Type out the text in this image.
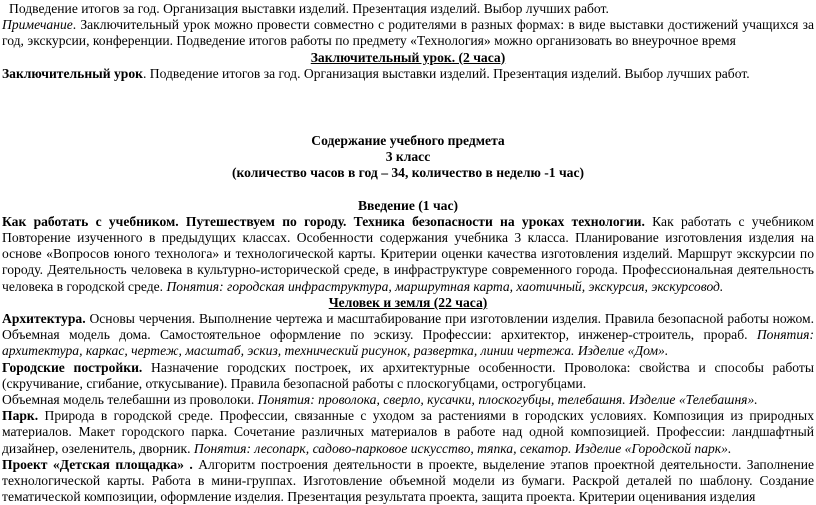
Подведение итогов за год. Организация выставки изделий. Презентация изделий. Выбор лучших работ.

Примечание. Заключительный урок можно провести совместно с родителями в разных формах: в виде выставки достижений учащихся за год, экскурсии, конференции. Подведение итогов работы по предмету «Технология» можно организовать во внеурочное время

Заключительный урок. (2 часа)

Заключительный урок. Подведение итогов за год. Организация выставки изделий. Презентация изделий. Выбор лучших работ.

Содержание учебного предмета

3 класс

(количество часов в год – 34, количество в неделю -1 час)

Введение (1 час)

Как работать с учебником. Путешествуем по городу. Техника безопасности на уроках технологии. Как работать с учебником Повторение изученного в предыдущих классах. Особенности содержания учебника 3 класса. Планирование изготовления изделия на основе «Вопросов юного технолога» и технологической карты. Критерии оценки качества изготовления изделий. Маршрут экскурсии по городу. Деятельность человека в культурно-исторической среде, в инфраструктуре современного города. Профессиональная деятельность человека в городской среде. Понятия: городская инфраструктура, маршрутная карта, хаотичный, экскурсия, экскурсовод.

Человек и земля (22 часа)

Архитектура. Основы черчения. Выполнение чертежа и масштабирование при изготовлении изделия. Правила безопасной работы ножом. Объемная модель дома. Самостоятельное оформление по эскизу. Профессии: архитектор, инженер-строитель, прораб. Понятия: архитектура, каркас, чертеж, масштаб, эскиз, технический рисунок, развертка, линии чертежа. Изделие «Дом».

Городские постройки. Назначение городских построек, их архитектурные особенности. Проволока: свойства и способы работы (скручивание, сгибание, откусывание). Правила безопасной работы с плоскогубцами, острогубцами.

Объемная модель телебашни из проволоки. Понятия: проволока, сверло, кусачки, плоскогубцы, телебашня. Изделие «Телебашня».

Парк. Природа в городской среде. Профессии, связанные с уходом за растениями в городских условиях. Композиция из природных материалов. Макет городского парка. Сочетание различных материалов в работе над одной композицией. Профессии: ландшафтный дизайнер, озеленитель, дворник. Понятия: лесопарк, садово-парковое искусство, тяпка, секатор. Изделие «Городской парк».

Проект «Детская площадка» . Алгоритм построения деятельности в проекте, выделение этапов проектной деятельности. Заполнение технологической карты. Работа в мини-группах. Изготовление объемной модели из бумаги. Раскрой деталей по шаблону. Создание тематической композиции, оформление изделия. Презентация результата проекта, защита проекта. Критерии оценивания изделия
